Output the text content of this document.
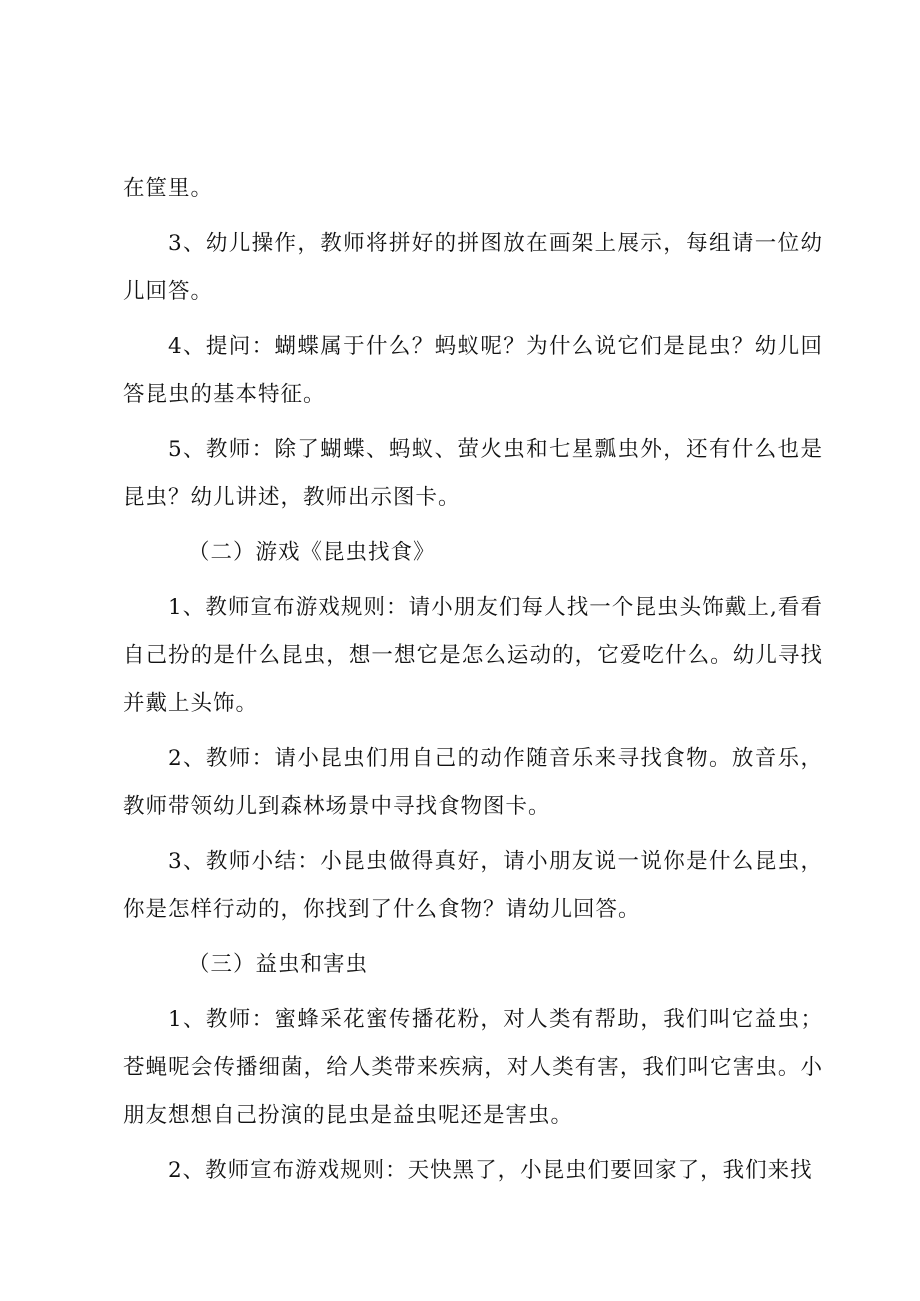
在筐里。

3、幼儿操作，教师将拼好的拼图放在画架上展示，每组请一位幼儿回答。

4、提问：蝴蝶属于什么？蚂蚁呢？为什么说它们是昆虫？幼儿回答昆虫的基本特征。

5、教师：除了蝴蝶、蚂蚁、萤火虫和七星瓢虫外，还有什么也是昆虫？幼儿讲述，教师出示图卡。

（二）游戏《昆虫找食》

1、教师宣布游戏规则：请小朋友们每人找一个昆虫头饰戴上,看看自己扮的是什么昆虫，想一想它是怎么运动的，它爱吃什么。幼儿寻找并戴上头饰。

2、教师：请小昆虫们用自己的动作随音乐来寻找食物。放音乐，教师带领幼儿到森林场景中寻找食物图卡。

3、教师小结：小昆虫做得真好，请小朋友说一说你是什么昆虫，你是怎样行动的，你找到了什么食物？请幼儿回答。

（三）益虫和害虫

1、教师：蜜蜂采花蜜传播花粉，对人类有帮助，我们叫它益虫；苍蝇呢会传播细菌，给人类带来疾病，对人类有害，我们叫它害虫。小朋友想想自己扮演的昆虫是益虫呢还是害虫。

2、教师宣布游戏规则：天快黑了，小昆虫们要回家了，我们来找
